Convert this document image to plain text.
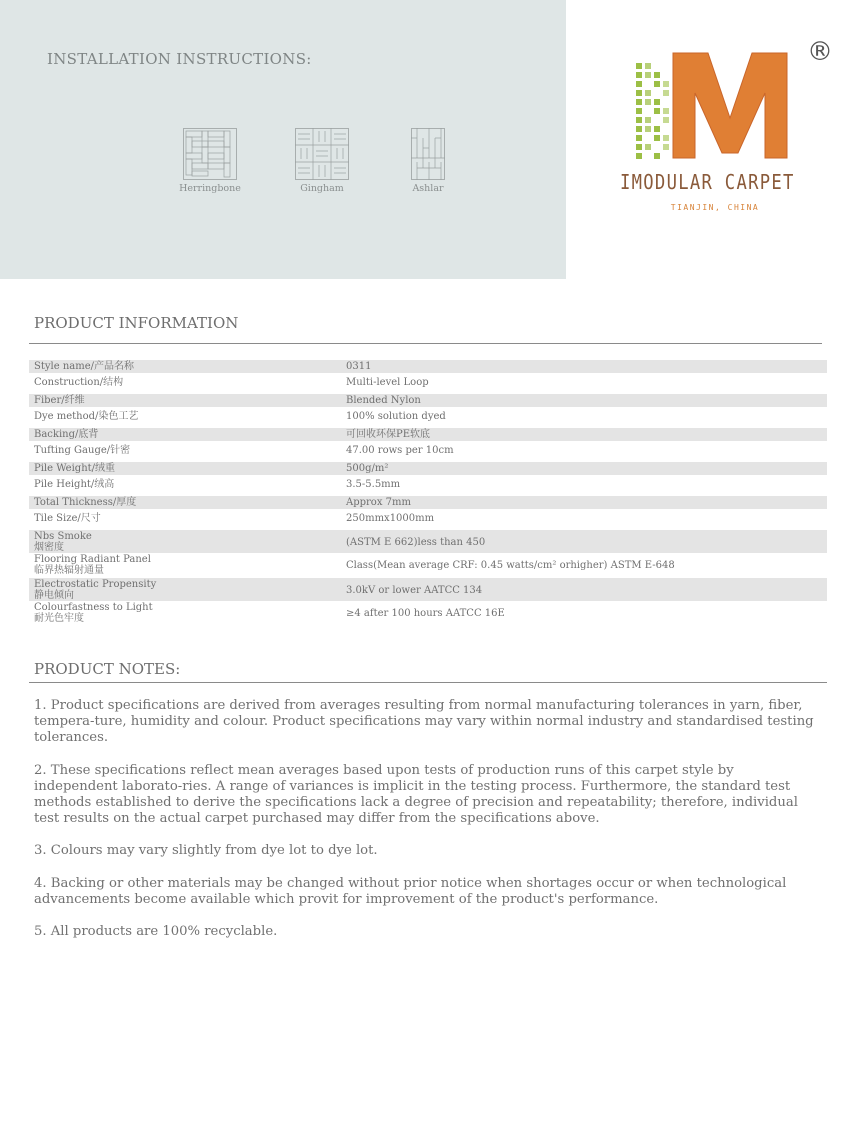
INSTALLATION INSTRUCTIONS:
Herringbone	Gingham	Ashlar
®
IMODULAR CARPET
TIANJIN, CHINA
PRODUCT INFORMATION
Style name/产品名称	0311
Construction/结构	Multi-level Loop
Fiber/纤维	Blended Nylon
Dye method/染色工艺	100% solution dyed
Backing/底背	可回收环保PE软底
Tufting Gauge/针密	47.00 rows per 10cm
Pile Weight/绒重	500g/m²
Pile Height/绒高	3.5-5.5mm
Total Thickness/厚度	Approx 7mm
Tile Size/尺寸	250mmx1000mm
Nbs Smoke
烟密度	(ASTM E 662)less than 450
Flooring Radiant Panel
临界热辐射通量	Class(Mean average CRF: 0.45 watts/cm² orhigher) ASTM E-648
Electrostatic Propensity
静电倾向	3.0kV or lower AATCC 134
Colourfastness to Light
耐光色牢度	≥4 after 100 hours AATCC 16E
PRODUCT NOTES:

1. Product specifications are derived from averages resulting from normal manufacturing tolerances in yarn, fiber, tempera-ture, humidity and colour. Product specifications may vary within normal industry and standardised testing tolerances.

2. These specifications reflect mean averages based upon tests of production runs of this carpet style by independent laborato-ries. A range of variances is implicit in the testing process. Furthermore, the standard test methods established to derive the specifications lack a degree of precision and repeatability; therefore, individual test results on the actual carpet purchased may differ from the specifications above.

3. Colours may vary slightly from dye lot to dye lot.

4. Backing or other materials may be changed without prior notice when shortages occur or when technological advancements become available which provit for improvement of the product's performance.

5. All products are 100% recyclable.
